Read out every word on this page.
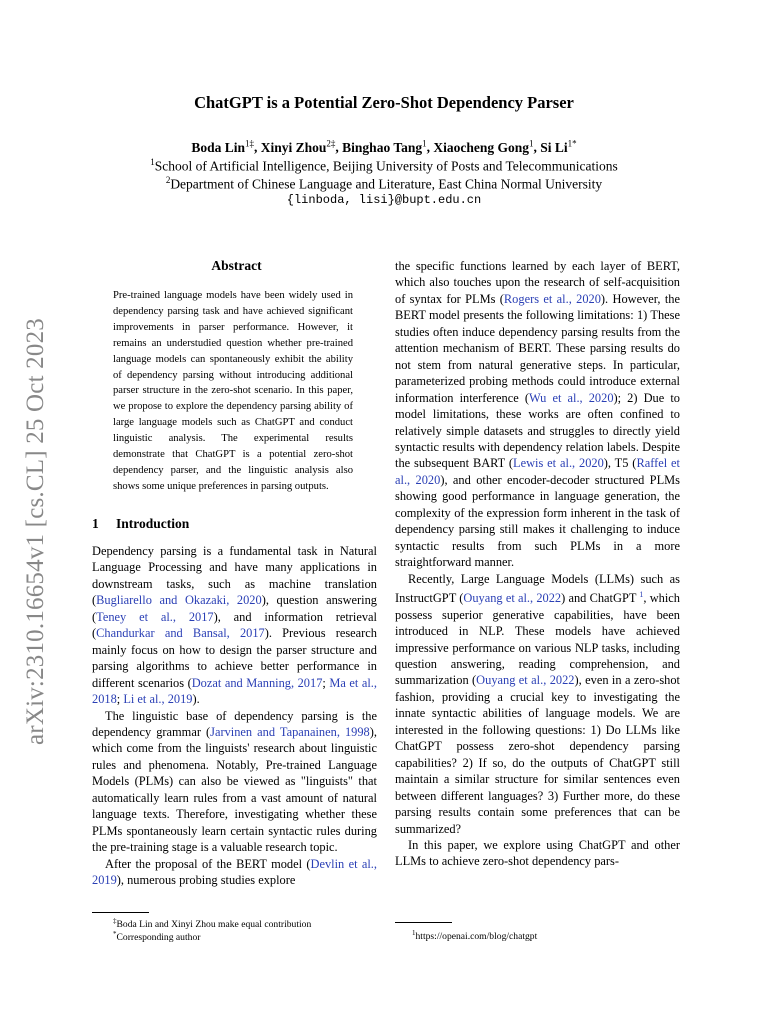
arXiv:2310.16654v1 [cs.CL] 25 Oct 2023
ChatGPT is a Potential Zero-Shot Dependency Parser
Boda Lin$^{1\ddagger}$, Xinyi Zhou$^{2\ddagger}$, Binghao Tang$^1$, Xiaocheng Gong$^1$, Si $Li^{1*}$
$^1$School of Artificial Intelligence, Beijing University of Posts and Telecommunications
$^2$Department of Chinese Language and Literature, East China Normal University
{linboda, lisi}@bupt.edu.cn
Abstract
Pre-trained language models have been widely used in dependency parsing task and have achieved significant improvements in parser performance. However, it remains an understudied question whether pre-trained language models can spontaneously exhibit the ability of dependency parsing without introducing additional parser structure in the zero-shot scenario. In this paper, we propose to explore the dependency parsing ability of large language models such as ChatGPT and conduct linguistic analysis. The experimental results demonstrate that ChatGPT is a potential zero-shot dependency parser, and the linguistic analysis also shows some unique preferences in parsing outputs.
1 Introduction

Dependency parsing is a fundamental task in Natural Language Processing and have many applications in downstream tasks, such as machine translation (Bugliarello and Okazaki, 2020), question answering (Teney et al., 2017), and information retrieval (Chandurkar and Bansal, 2017). Previous research mainly focus on how to design the parser structure and parsing algorithms to achieve better performance in different scenarios (Dozat and Manning, 2017; Ma et al., 2018; Li et al., 2019).

The linguistic base of dependency parsing is the dependency grammar (Jarvinen and Tapanainen, 1998), which come from the linguists' research about linguistic rules and phenomena. Notably, Pre-trained Language Models (PLMs) can also be viewed as "linguists" that automatically learn rules from a vast amount of natural language texts. Therefore, investigating whether these PLMs spontaneously learn certain syntactic rules during the pre-training stage is a valuable research topic.

After the proposal of the BERT model (Devlin et al., 2019), numerous probing studies explore

the specific functions learned by each layer of BERT, which also touches upon the research of self-acquisition of syntax for PLMs (Rogers et al., 2020). However, the BERT model presents the following limitations: 1) These studies often induce dependency parsing results from the attention mechanism of BERT. These parsing results do not stem from natural generative steps. In particular, parameterized probing methods could introduce external information interference (Wu et al., 2020); 2) Due to model limitations, these works are often confined to relatively simple datasets and struggles to directly yield syntactic results with dependency relation labels. Despite the subsequent BART (Lewis et al., 2020), T5 (Raffel et al., 2020), and other encoder-decoder structured PLMs showing good performance in language generation, the complexity of the expression form inherent in the task of dependency parsing still makes it challenging to induce syntactic results from such PLMs in a more straightforward manner.

Recently, Large Language Models (LLMs) such as InstructGPT (Ouyang et al., 2022) and ChatGPT $^1$, which possess superior generative capabilities, have been introduced in NLP. These models have achieved impressive performance on various NLP tasks, including question answering, reading comprehension, and summarization (Ouyang et al., 2022), even in a zero-shot fashion, providing a crucial key to investigating the innate syntactic abilities of language models. We are interested in the following questions: 1) Do LLMs like ChatGPT possess zero-shot dependency parsing capabilities? 2) If so, do the outputs of ChatGPT still maintain a similar structure for similar sentences even between different languages? 3) Further more, do these parsing results contain some preferences that can be summarized?

In this paper, we explore using ChatGPT and other LLMs to achieve zero-shot dependency pars-

‡Boda Lin and Xinyi Zhou make equal contribution
*Corresponding author	$^1$https://openai.com/blog/chatgpt
